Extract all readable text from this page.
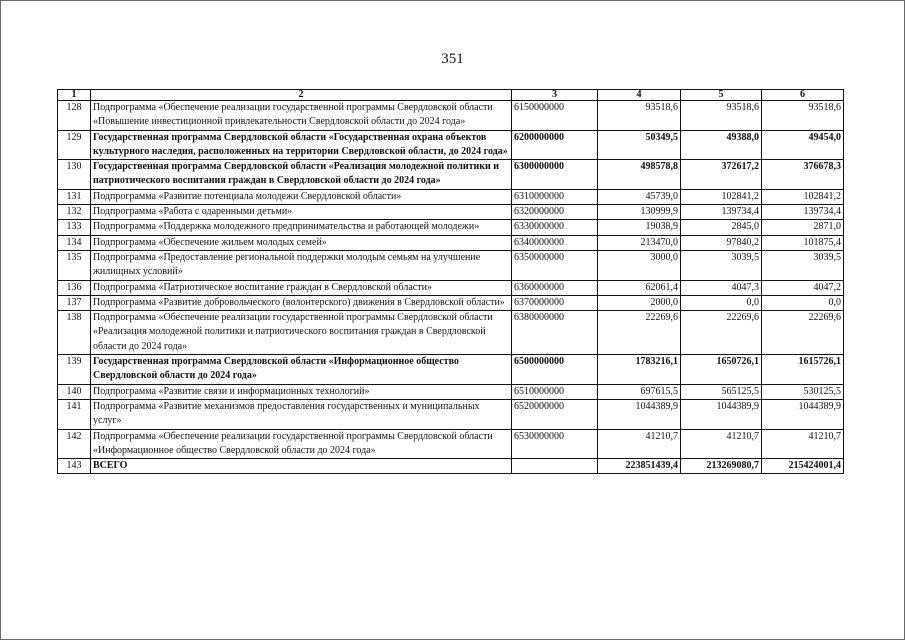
351
1	2	3	4	5	6
128	Подпрограмма «Обеспечение реализации государственной программы Свердловской области «Повышение инвестиционной привлекательности Свердловской области до 2024 года»	6150000000	93518,6	93518,6	93518,6
129	Государственная программа Свердловской области «Государственная охрана объектов культурного наследия, расположенных на территории Свердловской области, до 2024 года»	6200000000	50349,5	49388,0	49454,0
130	Государственная программа Свердловской области «Реализация молодежной политики и патриотического воспитания граждан в Свердловской области до 2024 года»	6300000000	498578,8	372617,2	376678,3
131	Подпрограмма «Развитие потенциала молодежи Свердловской области»	6310000000	45739,0	102841,2	102841,2
132	Подпрограмма «Работа с одаренными детьми»	6320000000	130999,9	139734,4	139734,4
133	Подпрограмма «Поддержка молодежного предпринимательства и работающей молодежи»	6330000000	19038,9	2845,0	2871,0
134	Подпрограмма «Обеспечение жильем молодых семей»	6340000000	213470,0	97840,2	101875,4
135	Подпрограмма «Предоставление региональной поддержки молодым семьям на улучшение жилищных условий»	6350000000	3000,0	3039,5	3039,5
136	Подпрограмма «Патриотическое воспитание граждан в Свердловской области»	6360000000	62061,4	4047,3	4047,2
137	Подпрограмма «Развитие добровольческого (волонтерского) движения в Свердловской области»	6370000000	2000,0	0,0	0,0
138	Подпрограмма «Обеспечение реализации государственной программы Свердловской области «Реализация молодежной политики и патриотического воспитания граждан в Свердловской области до 2024 года»	6380000000	22269,6	22269,6	22269,6
139	Государственная программа Свердловской области «Информационное общество Свердловской области до 2024 года»	6500000000	1783216,1	1650726,1	1615726,1
140	Подпрограмма «Развитие связи и информационных технологий»	6510000000	697615,5	565125,5	530125,5
141	Подпрограмма «Развитие механизмов предоставления государственных и муниципальных услуг»	6520000000	1044389,9	1044389,9	1044389,9
142	Подпрограмма «Обеспечение реализации государственной программы Свердловской области «Информационное общество Свердловской области до 2024 года»	6530000000	41210,7	41210,7	41210,7
143	ВСЕГО		223851439,4	213269080,7	215424001,4
